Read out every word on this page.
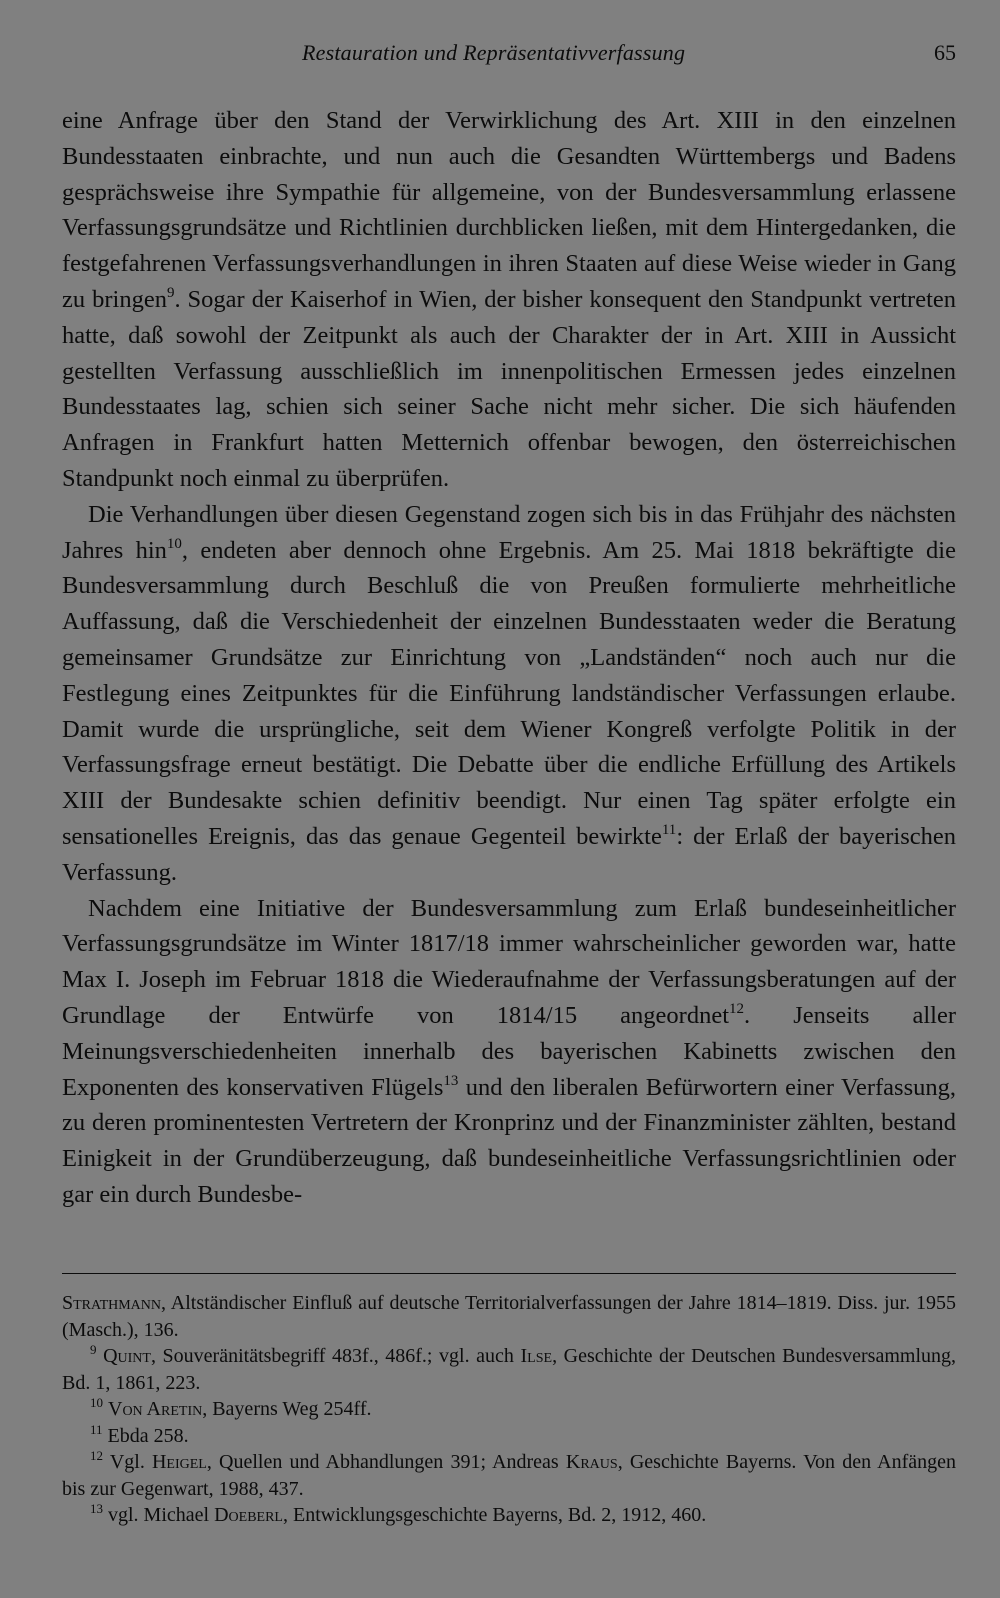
Restauration und Repräsentativverfassung	65

eine Anfrage über den Stand der Verwirklichung des Art. XIII in den einzelnen Bundesstaaten einbrachte, und nun auch die Gesandten Württembergs und Badens gesprächsweise ihre Sympathie für allgemeine, von der Bundesversammlung erlassene Verfassungsgrundsätze und Richtlinien durchblicken ließen, mit dem Hintergedanken, die festgefahrenen Verfassungsverhandlungen in ihren Staaten auf diese Weise wieder in Gang zu bringen$^9$. Sogar der Kaiserhof in Wien, der bisher konsequent den Standpunkt vertreten hatte, daß sowohl der Zeitpunkt als auch der Charakter der in Art. XIII in Aussicht gestellten Verfassung ausschließlich im innenpolitischen Ermessen jedes einzelnen Bundesstaates lag, schien sich seiner Sache nicht mehr sicher. Die sich häufenden Anfragen in Frankfurt hatten Metternich offenbar bewogen, den österreichischen Standpunkt noch einmal zu überprüfen.

Die Verhandlungen über diesen Gegenstand zogen sich bis in das Frühjahr des nächsten Jahres hin$^{10}$, endeten aber dennoch ohne Ergebnis. Am 25. Mai 1818 bekräftigte die Bundesversammlung durch Beschluß die von Preußen formulierte mehrheitliche Auffassung, daß die Verschiedenheit der einzelnen Bundesstaaten weder die Beratung gemeinsamer Grundsätze zur Einrichtung von „Landständen“ noch auch nur die Festlegung eines Zeitpunktes für die Einführung landständischer Verfassungen erlaube. Damit wurde die ursprüngliche, seit dem Wiener Kongreß verfolgte Politik in der Verfassungsfrage erneut bestätigt. Die Debatte über die endliche Erfüllung des Artikels XIII der Bundesakte schien definitiv beendigt. Nur einen Tag später erfolgte ein sensationelles Ereignis, das das genaue Gegenteil bewirkte$^{11}$: der Erlaß der bayerischen Verfassung.

Nachdem eine Initiative der Bundesversammlung zum Erlaß bundeseinheitlicher Verfassungsgrundsätze im Winter 1817/18 immer wahrscheinlicher geworden war, hatte Max I. Joseph im Februar 1818 die Wiederaufnahme der Verfassungsberatungen auf der Grundlage der Entwürfe von 1814/15 angeordnet$^{12}$. Jenseits aller Meinungsverschiedenheiten innerhalb des bayerischen Kabinetts zwischen den Exponenten des konservativen Flügels$^{13}$ und den liberalen Befürwortern einer Verfassung, zu deren prominentesten Vertretern der Kronprinz und der Finanzminister zählten, bestand Einigkeit in der Grundüberzeugung, daß bundeseinheitliche Verfassungsrichtlinien oder gar ein durch Bundesbe-

Strathmann, Altständischer Einfluß auf deutsche Territorialverfassungen der Jahre 1814–1819. Diss. jur. 1955 (Masch.), 136.

$^9$ Quint, Souveränitätsbegriff 483f., 486f.; vgl. auch Ilse, Geschichte der Deutschen Bundesversammlung, Bd. 1, 1861, 223.

$^{10}$ Von Aretin, Bayerns Weg 254ff.

$^{11}$ Ebda 258.

$^{12}$ Vgl. Heigel, Quellen und Abhandlungen 391; Andreas Kraus, Geschichte Bayerns. Von den Anfängen bis zur Gegenwart, 1988, 437.

$^{13}$ vgl. Michael Doeberl, Entwicklungsgeschichte Bayerns, Bd. 2, 1912, 460.
